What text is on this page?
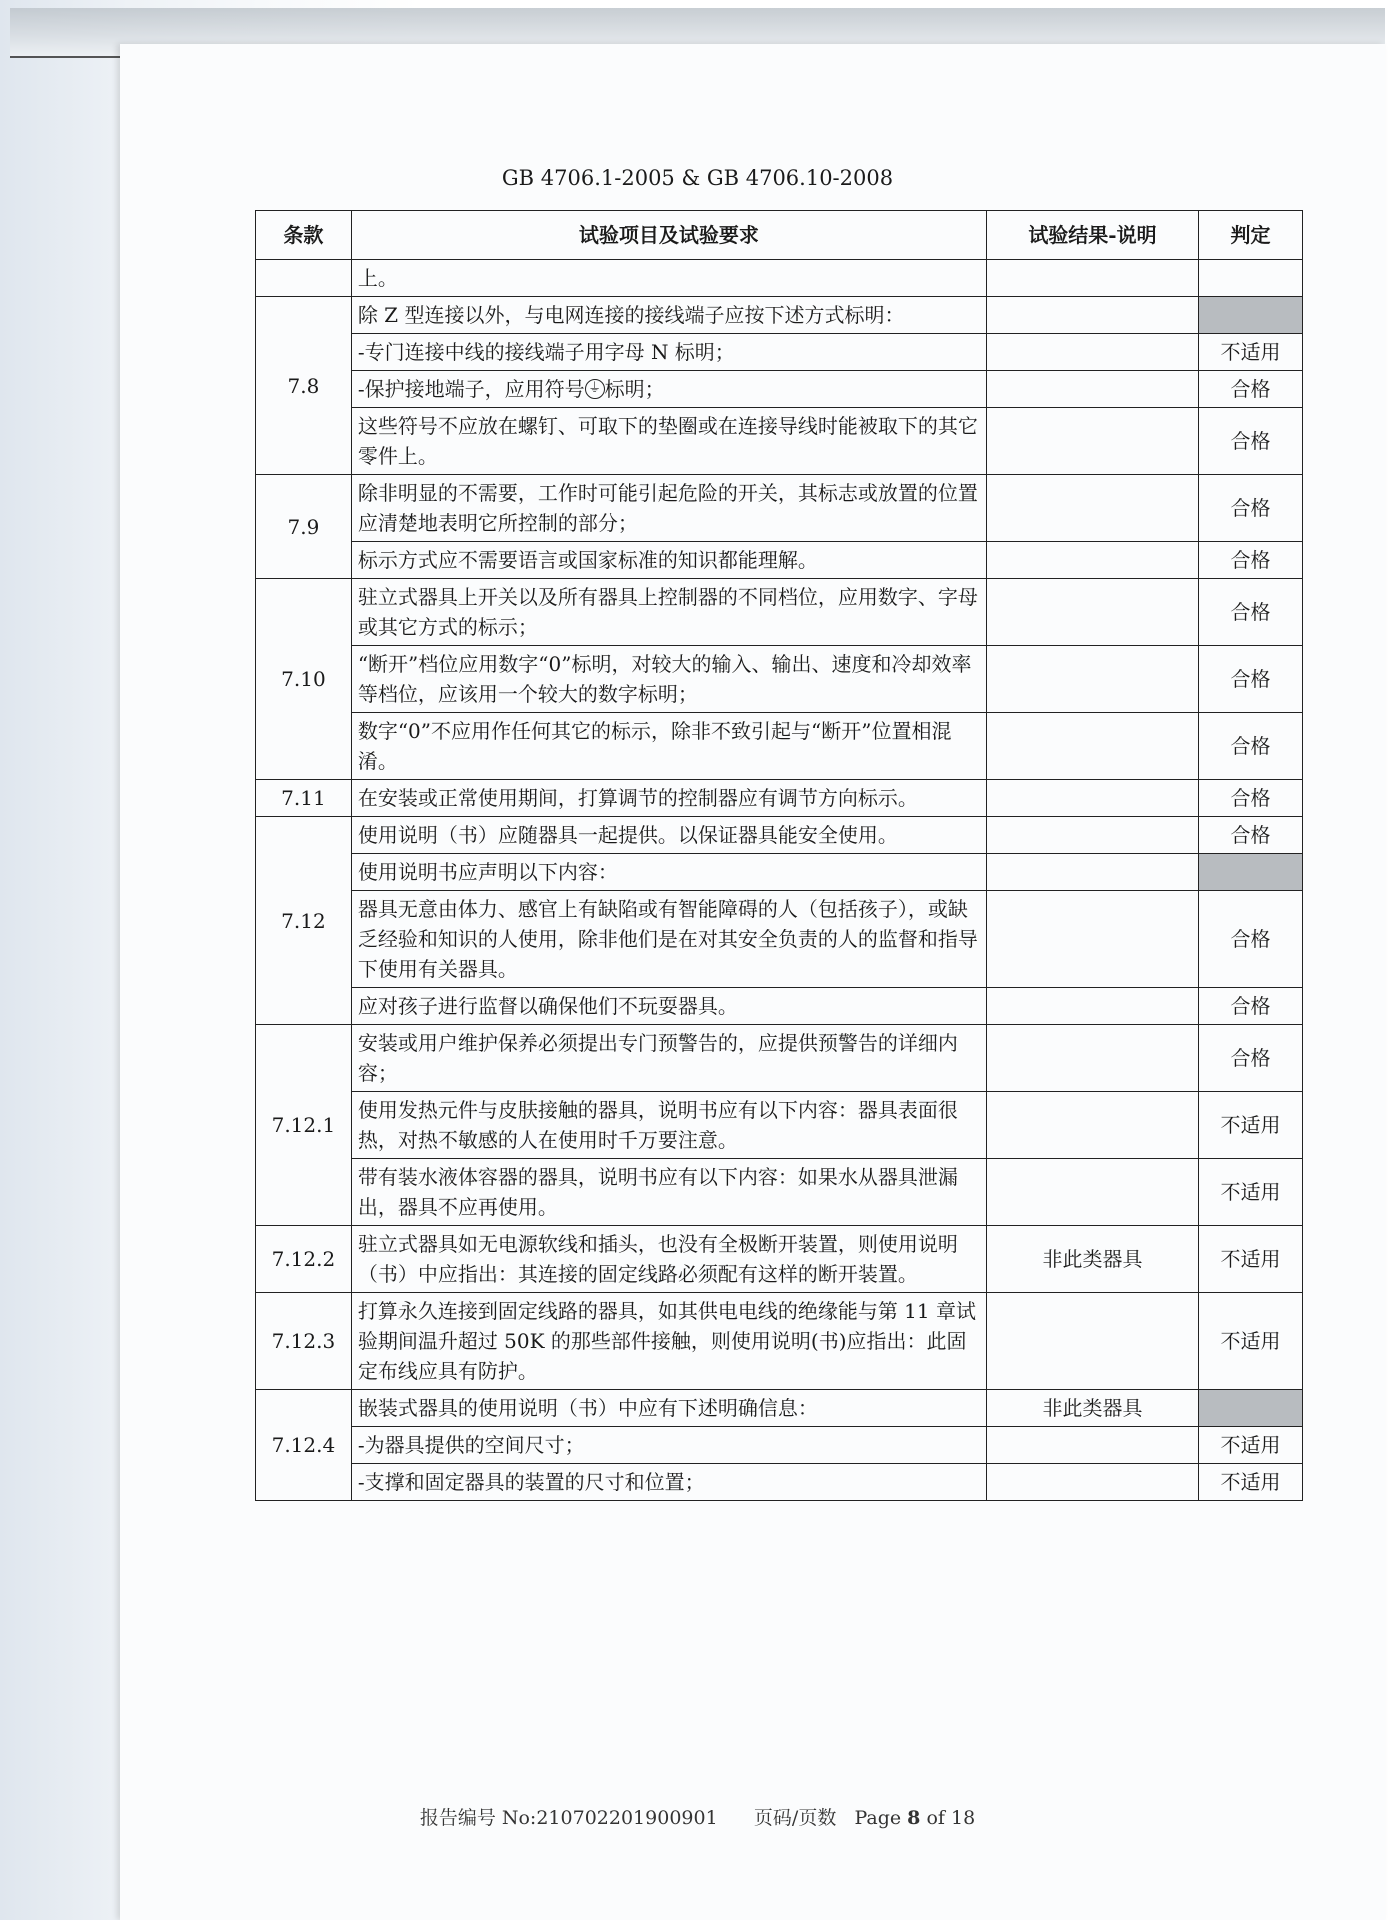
GB 4706.1-2005 & GB 4706.10-2008
条款	试验项目及试验要求	试验结果-说明	判定
	上。		
7.8	除 Z 型连接以外，与电网连接的接线端子应按下述方式标明：		
	-专门连接中线的接线端子用字母 N 标明；		不适用
	-保护接地端子，应用符号 ⏚ 标明；		合格
	这些符号不应放在螺钉、可取下的垫圈或在连接导线时能被取下的其它零件上。		合格
7.9	除非明显的不需要，工作时可能引起危险的开关，其标志或放置的位置应清楚地表明它所控制的部分；		合格
	标示方式应不需要语言或国家标准的知识都能理解。		合格
7.10	驻立式器具上开关以及所有器具上控制器的不同档位，应用数字、字母或其它方式的标示；		合格
	“断开”档位应用数字“0”标明，对较大的输入、输出、速度和冷却效率等档位，应该用一个较大的数字标明；		合格
	数字“0”不应用作任何其它的标示，除非不致引起与“断开”位置相混淆。		合格
7.11	在安装或正常使用期间，打算调节的控制器应有调节方向标示。		合格
7.12	使用说明（书）应随器具一起提供。以保证器具能安全使用。		合格
	使用说明书应声明以下内容：		
	器具无意由体力、感官上有缺陷或有智能障碍的人（包括孩子），或缺乏经验和知识的人使用，除非他们是在对其安全负责的人的监督和指导下使用有关器具。		合格
	应对孩子进行监督以确保他们不玩耍器具。		合格
7.12.1	安装或用户维护保养必须提出专门预警告的，应提供预警告的详细内容；		合格
	使用发热元件与皮肤接触的器具，说明书应有以下内容：器具表面很热，对热不敏感的人在使用时千万要注意。		不适用
	带有装水液体容器的器具，说明书应有以下内容：如果水从器具泄漏出，器具不应再使用。		不适用
7.12.2	驻立式器具如无电源软线和插头，也没有全极断开装置，则使用说明（书）中应指出：其连接的固定线路必须配有这样的断开装置。	非此类器具	不适用
7.12.3	打算永久连接到固定线路的器具，如其供电电线的绝缘能与第 11 章试验期间温升超过 50K 的那些部件接触，则使用说明(书)应指出：此固定布线应具有防护。		不适用
7.12.4	嵌装式器具的使用说明（书）中应有下述明确信息：	非此类器具	
	-为器具提供的空间尺寸；		不适用
	-支撑和固定器具的装置的尺寸和位置；		不适用
报告编号 No:210702201900901 页码/页数 Page 8 of 18
